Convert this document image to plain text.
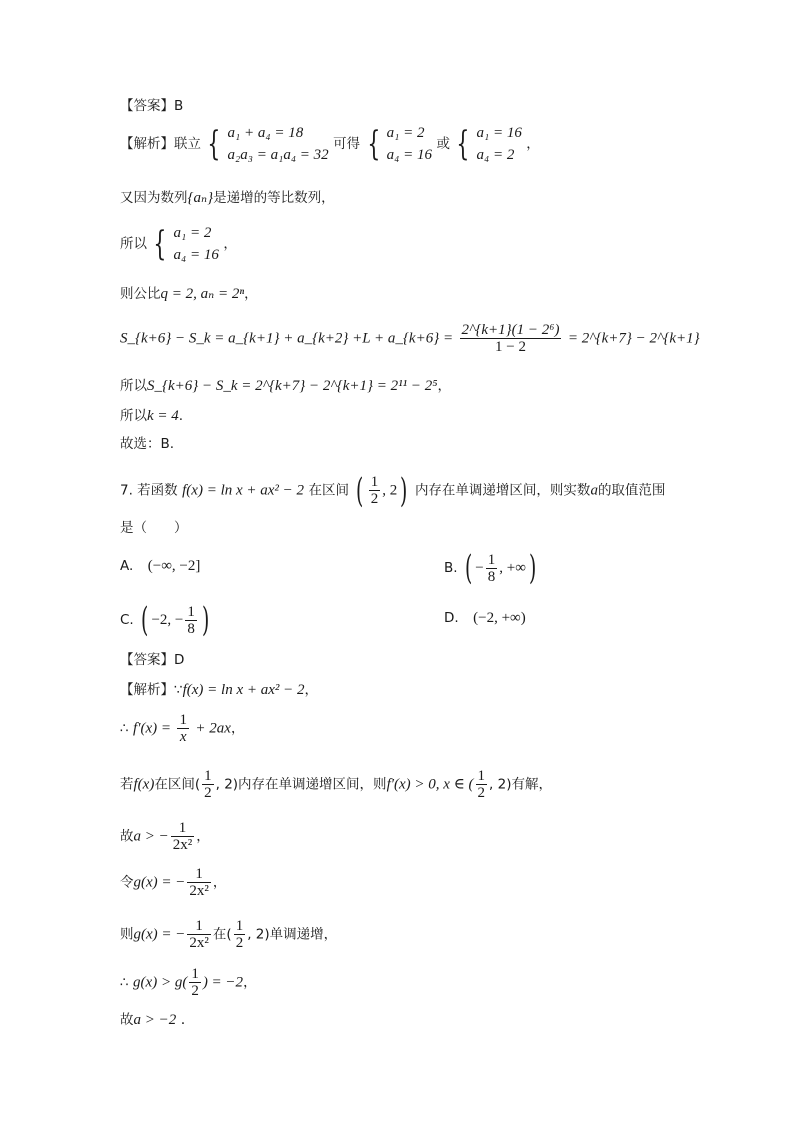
【答案】B
【解析】联立 { a₁ + a₄ = 18
a₂a₃ = a₁a₄ = 32
可得 { a₁ = 2
a₄ = 16
或 { a₁ = 16
a₄ = 2
，
又因为数列{aₙ}是递增的等比数列，
所以 { a₁ = 2
a₄ = 16
，
则公比q = 2, aₙ = 2ⁿ，
S_{k+6} − S_k = a_{k+1} + a_{k+2} +L + a_{k+6} = $\frac{\text{2\textasciicircum{}\{k+1\}(1 − 2⁶)}}{1 - 2}$ = 2^{k+7} − 2^{k+1}
所以S_{k+6} − S_k = 2^{k+7} − 2^{k+1} = 2¹¹ − 2⁵，
所以k = 4.
故选：B.
7. 若函数 f(x) = ln x + ax² − 2 在区间 ( $\frac{1}{2}$ , 2) 内存在单调递增区间，则实数a的取值范围
是（　　）
A. (−∞, −2]	B. ( − $\frac{1}{8}$ , +∞)
C. ( −2, − $\frac{1}{8}$ )	D. (−2, +∞)
【答案】D
【解析】∵f(x) = ln x + ax² − 2，
∴ $f'(x) = \frac{1}{x} + 2ax$，
若f(x)在区间( $\frac{1}{2}$ , 2)内存在单调递增区间，则f′(x) > 0, x ∈ ( $\frac{1}{2}$ , 2)有解，
故a > − $\frac{1}{\text{2x²}}$ ，
令g(x) = − $\frac{1}{\text{2x²}}$ ，
则g(x) = − $\frac{1}{\text{2x²}}$ 在( $\frac{1}{2}$ , 2)单调递增，
∴ $g(x) > g( \frac{1}{2}$ ) = −2，
故a > −2 .
